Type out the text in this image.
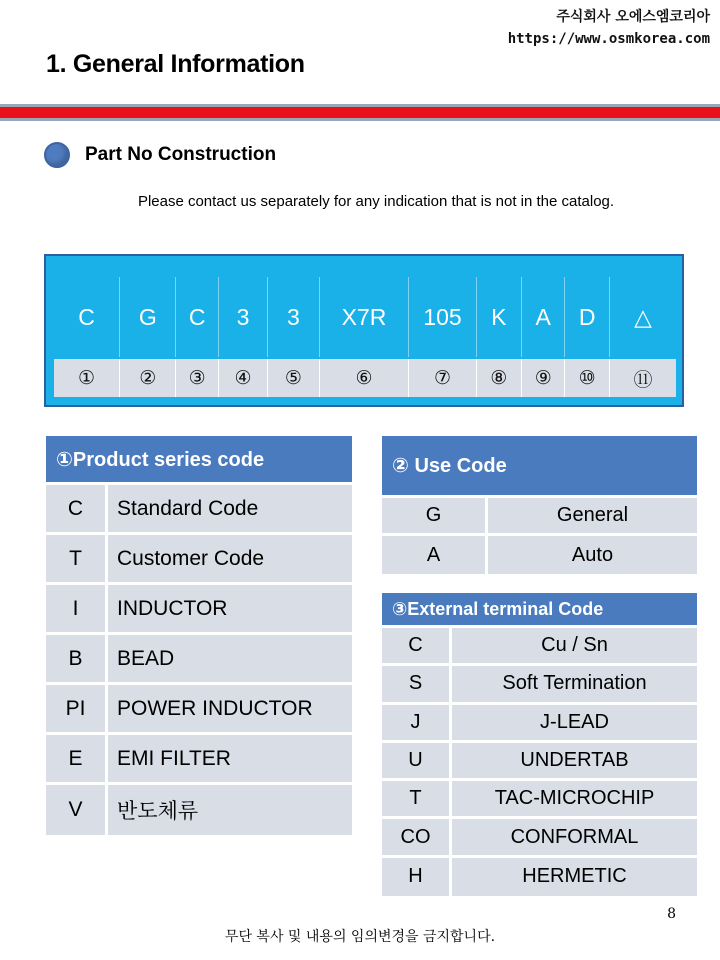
주식회사 오에스엠코리아
https://www.osmkorea.com
1. General Information
Part No Construction
Please contact us separately for any indication that is not in the catalog.
C	G	C	3	3	X7R	105	K	A	D	△
①	②	③	④	⑤	⑥	⑦	⑧	⑨	⑩	⑪
①Product series code
C	Standard Code
T	Customer Code
I	INDUCTOR
B	BEAD
PI	POWER INDUCTOR
E	EMI FILTER
V	반도체류
② Use Code
G	General
A	Auto
③External terminal Code
C	Cu / Sn
S	Soft Termination
J	J-LEAD
U	UNDERTAB
T	TAC-MICROCHIP
CO	CONFORMAL
H	HERMETIC
8
무단 복사 및 내용의 임의변경을 금지합니다.
